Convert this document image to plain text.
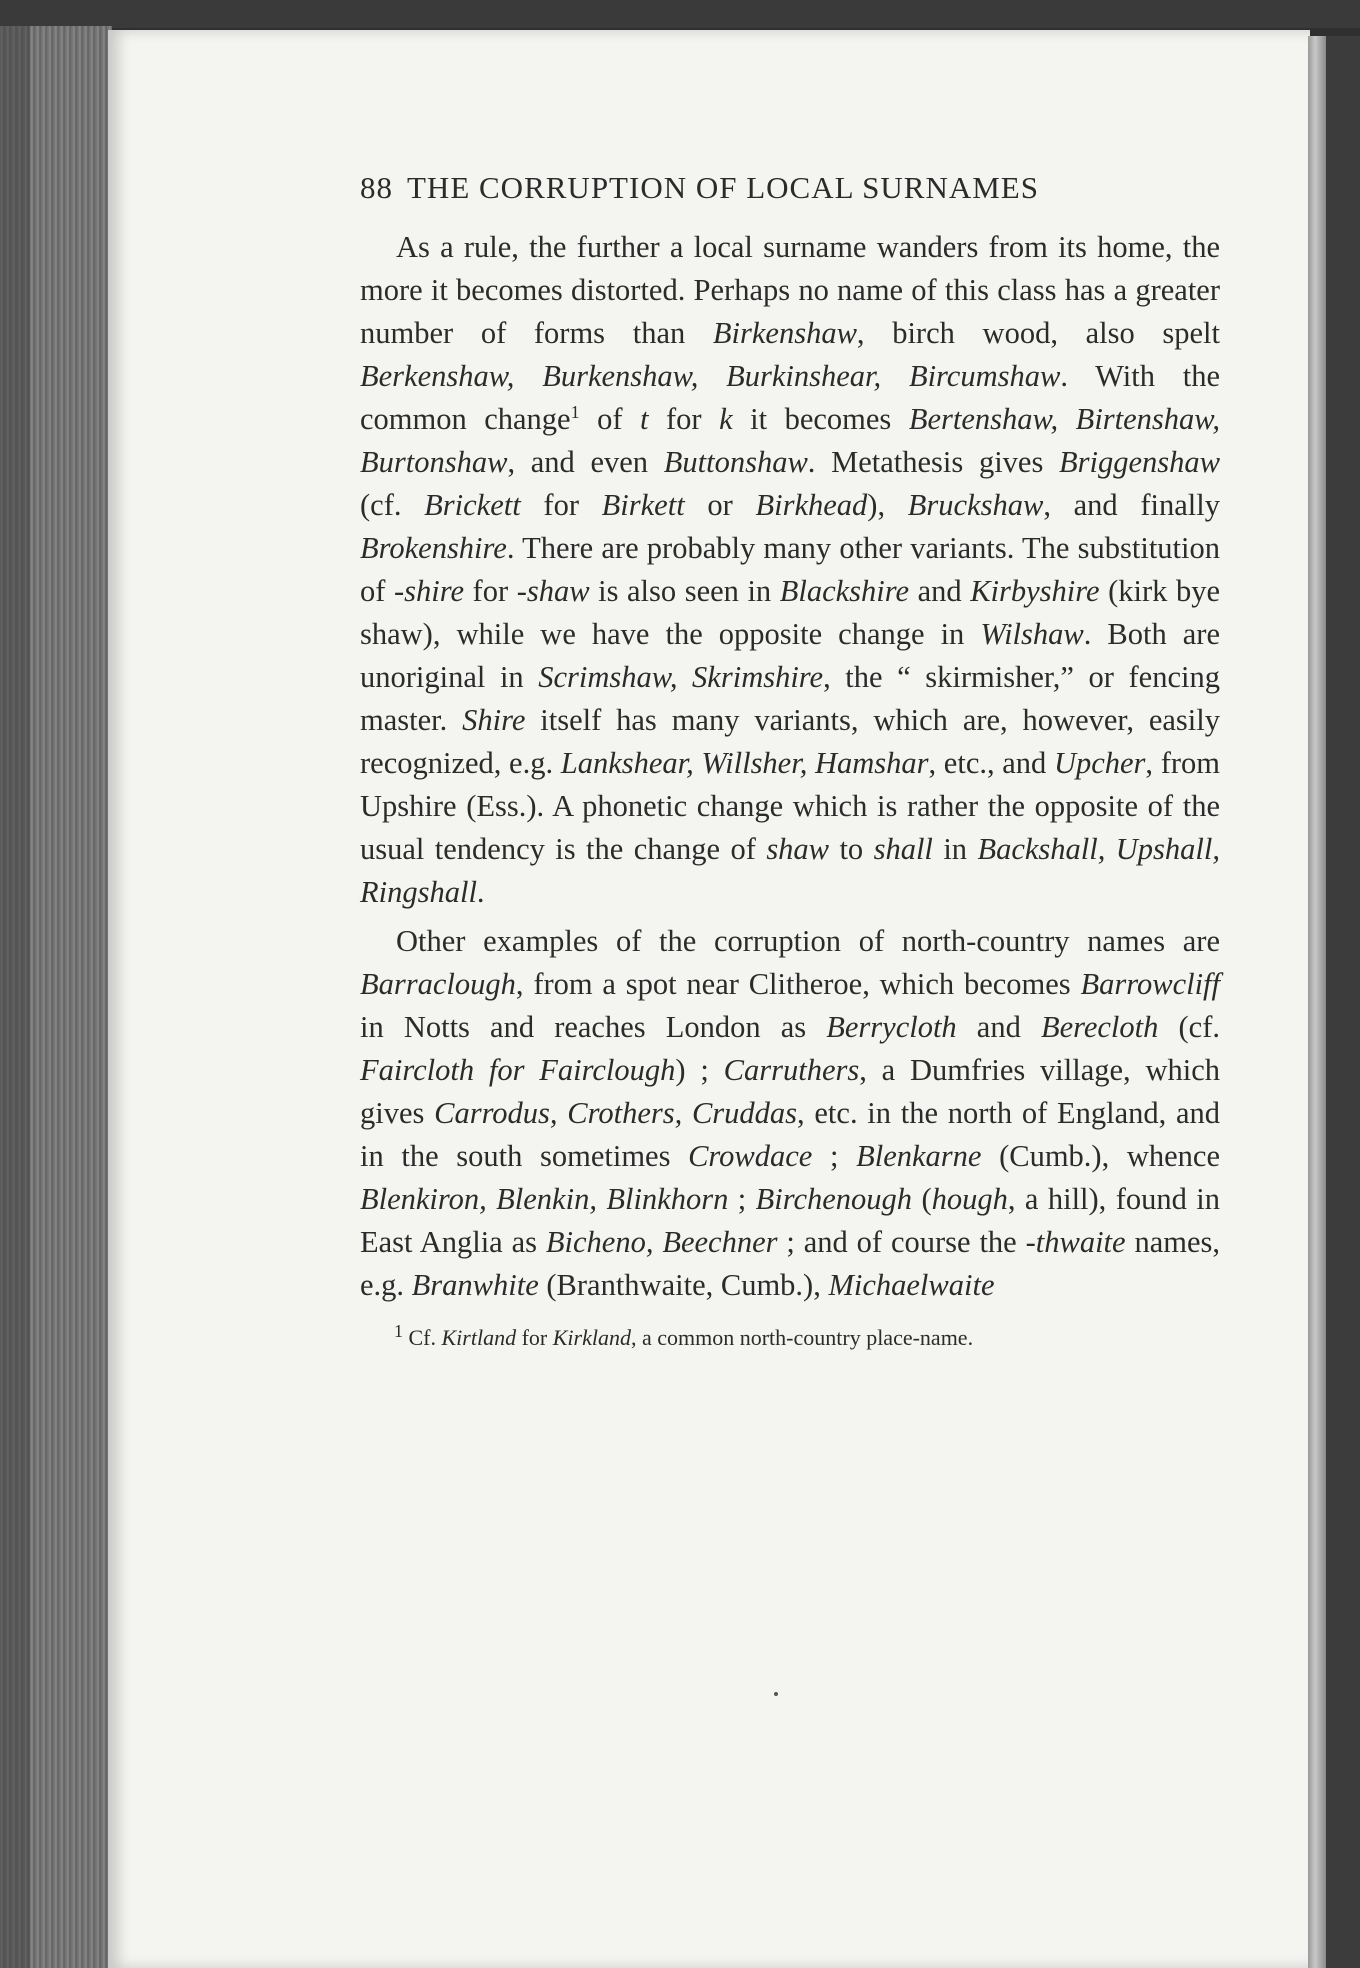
88 THE CORRUPTION OF LOCAL SURNAMES

As a rule, the further a local surname wanders from its home, the more it becomes distorted. Perhaps no name of this class has a greater number of forms than Birkenshaw, birch wood, also spelt Berkenshaw, Burkenshaw, Burkinshear, Bircumshaw. With the common change$^1$ of t for k it becomes Bertenshaw, Birtenshaw, Burtonshaw, and even Buttonshaw. Metathesis gives Briggenshaw (cf. Brickett for Birkett or Birkhead), Bruckshaw, and finally Brokenshire. There are probably many other variants. The substitution of -shire for -shaw is also seen in Blackshire and Kirbyshire (kirk bye shaw), while we have the opposite change in Wilshaw. Both are unoriginal in Scrimshaw, Skrimshire, the “ skirmisher,” or fencing master. Shire itself has many variants, which are, however, easily recognized, e.g. Lankshear, Willsher, Hamshar, etc., and Upcher, from Upshire (Ess.). A phonetic change which is rather the opposite of the usual tendency is the change of shaw to shall in Backshall, Upshall, Ringshall.

Other examples of the corruption of north-country names are Barraclough, from a spot near Clitheroe, which becomes Barrowcliff in Notts and reaches London as Berrycloth and Berecloth (cf. Faircloth for Fairclough) ; Carruthers, a Dumfries village, which gives Carrodus, Crothers, Cruddas, etc. in the north of England, and in the south sometimes Crowdace ; Blenkarne (Cumb.), whence Blenkiron, Blenkin, Blinkhorn ; Birchenough (hough, a hill), found in East Anglia as Bicheno, Beechner ; and of course the -thwaite names, e.g. Branwhite (Branthwaite, Cumb.), Michaelwaite

$^1$ Cf. Kirtland for Kirkland, a common north-country place-name.
